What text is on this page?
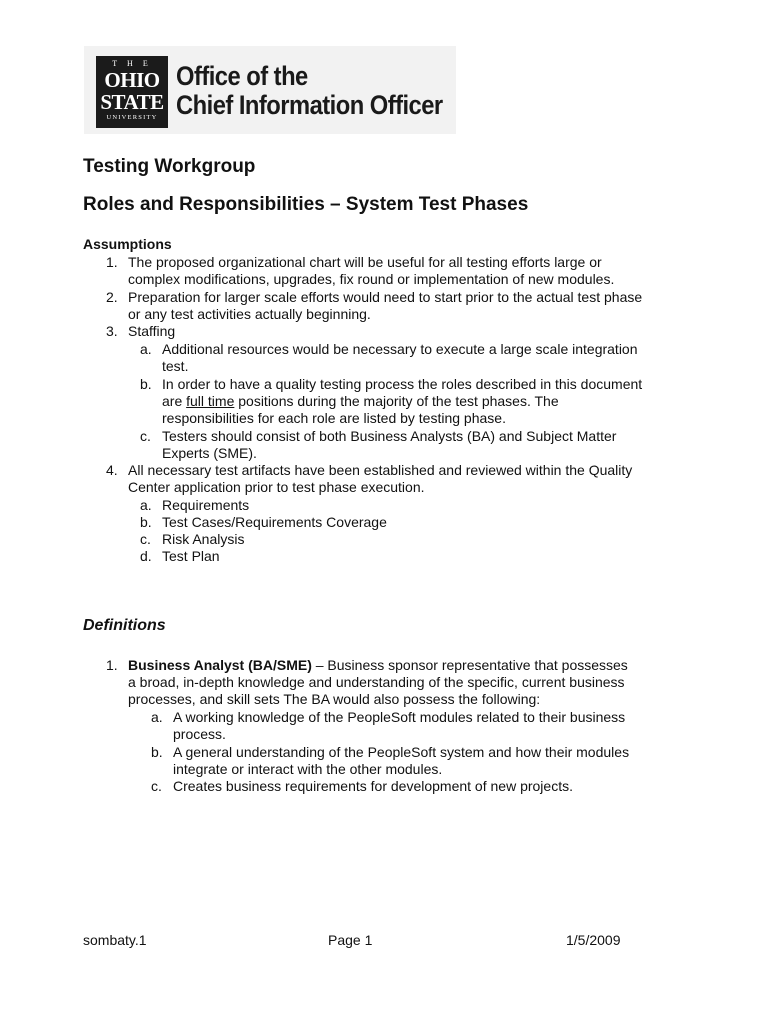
T H E
OHIO
STATE
UNIVERSITY
Office of the
Chief Information Officer
Testing Workgroup
Roles and Responsibilities – System Test Phases
Assumptions
1. The proposed organizational chart will be useful for all testing efforts large or
complex modifications, upgrades, fix round or implementation of new modules.
2. Preparation for larger scale efforts would need to start prior to the actual test phase
or any test activities actually beginning.
3. Staffing
a. Additional resources would be necessary to execute a large scale integration
test.
b. In order to have a quality testing process the roles described in this document
are full time positions during the majority of the test phases. The
responsibilities for each role are listed by testing phase.
c. Testers should consist of both Business Analysts (BA) and Subject Matter
Experts (SME).
4. All necessary test artifacts have been established and reviewed within the Quality
Center application prior to test phase execution.
a. Requirements
b. Test Cases/Requirements Coverage
c. Risk Analysis
d. Test Plan
Definitions
1. Business Analyst (BA/SME) – Business sponsor representative that possesses
a broad, in-depth knowledge and understanding of the specific, current business
processes, and skill sets The BA would also possess the following:
a. A working knowledge of the PeopleSoft modules related to their business
process.
b. A general understanding of the PeopleSoft system and how their modules
integrate or interact with the other modules.
c. Creates business requirements for development of new projects.
sombaty.1	Page 1	1/5/2009
